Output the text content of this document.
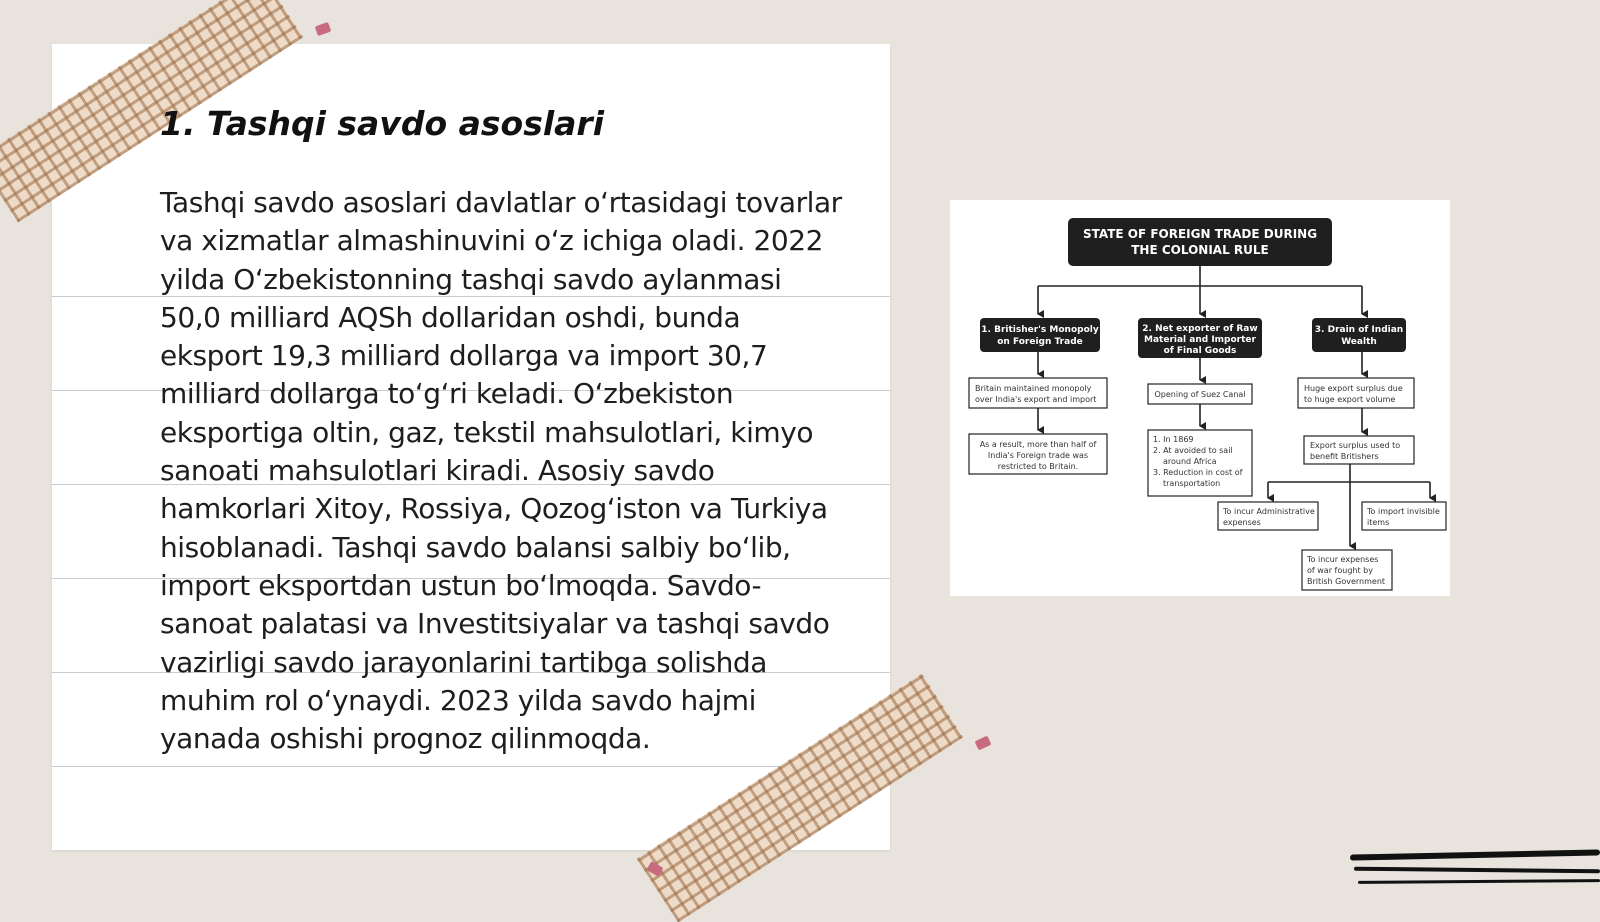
1. Tashqi savdo asoslari

Tashqi savdo asoslari davlatlar oʻrtasidagi tovarlar va xizmatlar almashinuvini oʻz ichiga oladi. 2022 yilda Oʻzbekistonning tashqi savdo aylanmasi 50,0 milliard AQSh dollaridan oshdi, bunda eksport 19,3 milliard dollarga va import 30,7 milliard dollarga toʻgʻri keladi. Oʻzbekiston eksportiga oltin, gaz, tekstil mahsulotlari, kimyo sanoati mahsulotlari kiradi. Asosiy savdo hamkorlari Xitoy, Rossiya, Qozogʻiston va Turkiya hisoblanadi. Tashqi savdo balansi salbiy boʻlib, import eksportdan ustun boʻlmoqda. Savdo-sanoat palatasi va Investitsiyalar va tashqi savdo vazirligi savdo jarayonlarini tartibga solishda muhim rol oʻynaydi. 2023 yilda savdo hajmi yanada oshishi prognoz qilinmoqda.

STATE OF FOREIGN TRADE DURING
THE COLONIAL RULE
1. Britisher's Monopoly
on Foreign Trade
2. Net exporter of Raw
Material and Importer
of Final Goods
3. Drain of Indian
Wealth
Britain maintained monopoly
over India's export and import
As a result, more than half of
India's Foreign trade was
restricted to Britain.
Opening of Suez Canal
1. In 1869
2. At avoided to sail
around Africa
3. Reduction in cost of
transportation
Huge export surplus due
to huge export volume
Export surplus used to
benefit Britishers
To incur Administrative
expenses
To import invisible
items
To incur expenses
of war fought by
British Government
